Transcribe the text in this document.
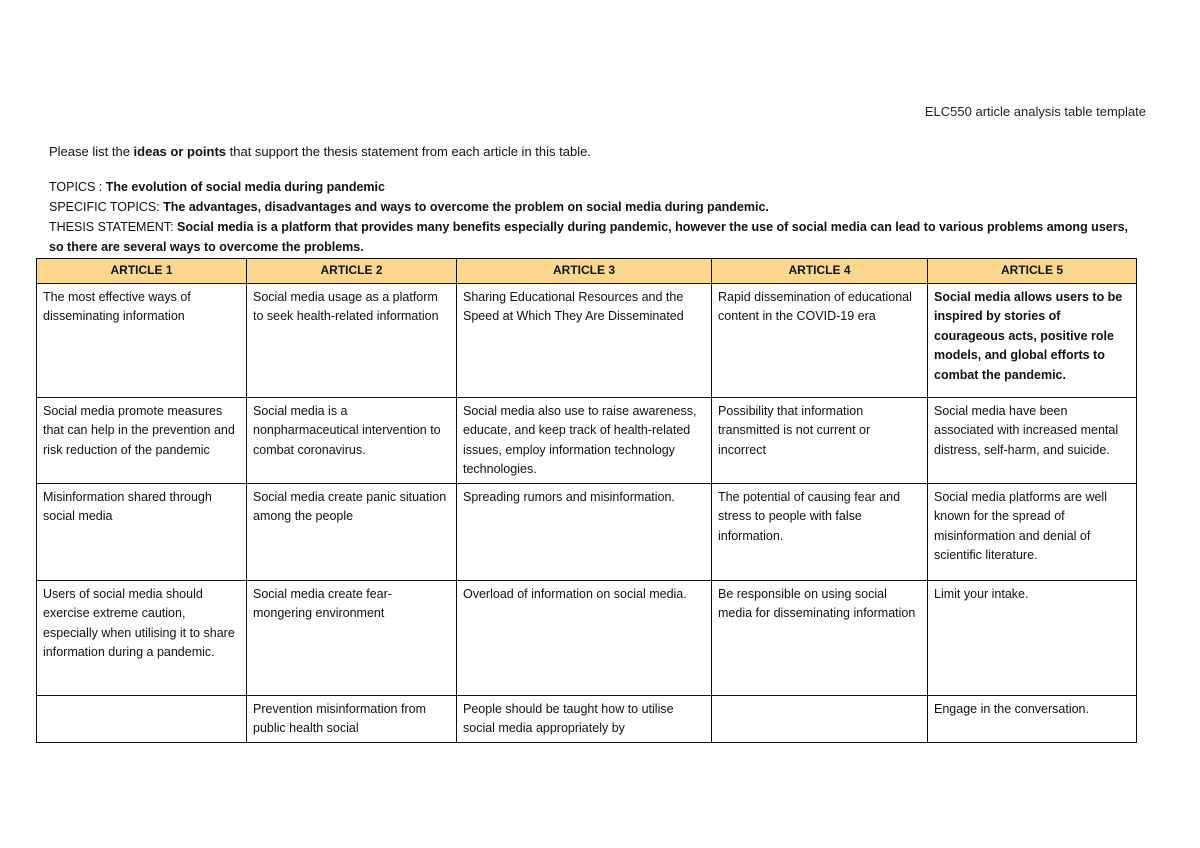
ELC550 article analysis table template
Please list the ideas or points that support the thesis statement from each article in this table.
TOPICS : The evolution of social media during pandemic
SPECIFIC TOPICS: The advantages, disadvantages and ways to overcome the problem on social media during pandemic.
THESIS STATEMENT: Social media is a platform that provides many benefits especially during pandemic, however the use of social media can lead to various problems among users, so there are several ways to overcome the problems.
ARTICLE 1	ARTICLE 2	ARTICLE 3	ARTICLE 4	ARTICLE 5
The most effective ways of disseminating information	Social media usage as a platform to seek health-related information	Sharing Educational Resources and the Speed at Which They Are Disseminated	Rapid dissemination of educational content in the COVID-19 era	Social media allows users to be inspired by stories of courageous acts, positive role models, and global efforts to combat the pandemic.
Social media promote measures that can help in the prevention and risk reduction of the pandemic	Social media is a nonpharmaceutical intervention to combat coronavirus.	Social media also use to raise awareness, educate, and keep track of health-related issues, employ information technology technologies.	Possibility that information transmitted is not current or incorrect	Social media have been associated with increased mental distress, self-harm, and suicide.
Misinformation shared through social media	Social media create panic situation among the people	Spreading rumors and misinformation.	The potential of causing fear and stress to people with false information.	Social media platforms are well known for the spread of misinformation and denial of scientific literature.
Users of social media should exercise extreme caution, especially when utilising it to share information during a pandemic.	Social media create fear-mongering environment	Overload of information on social media.	Be responsible on using social media for disseminating information	Limit your intake.
	Prevention misinformation from public health social	People should be taught how to utilise social media appropriately by		Engage in the conversation.
